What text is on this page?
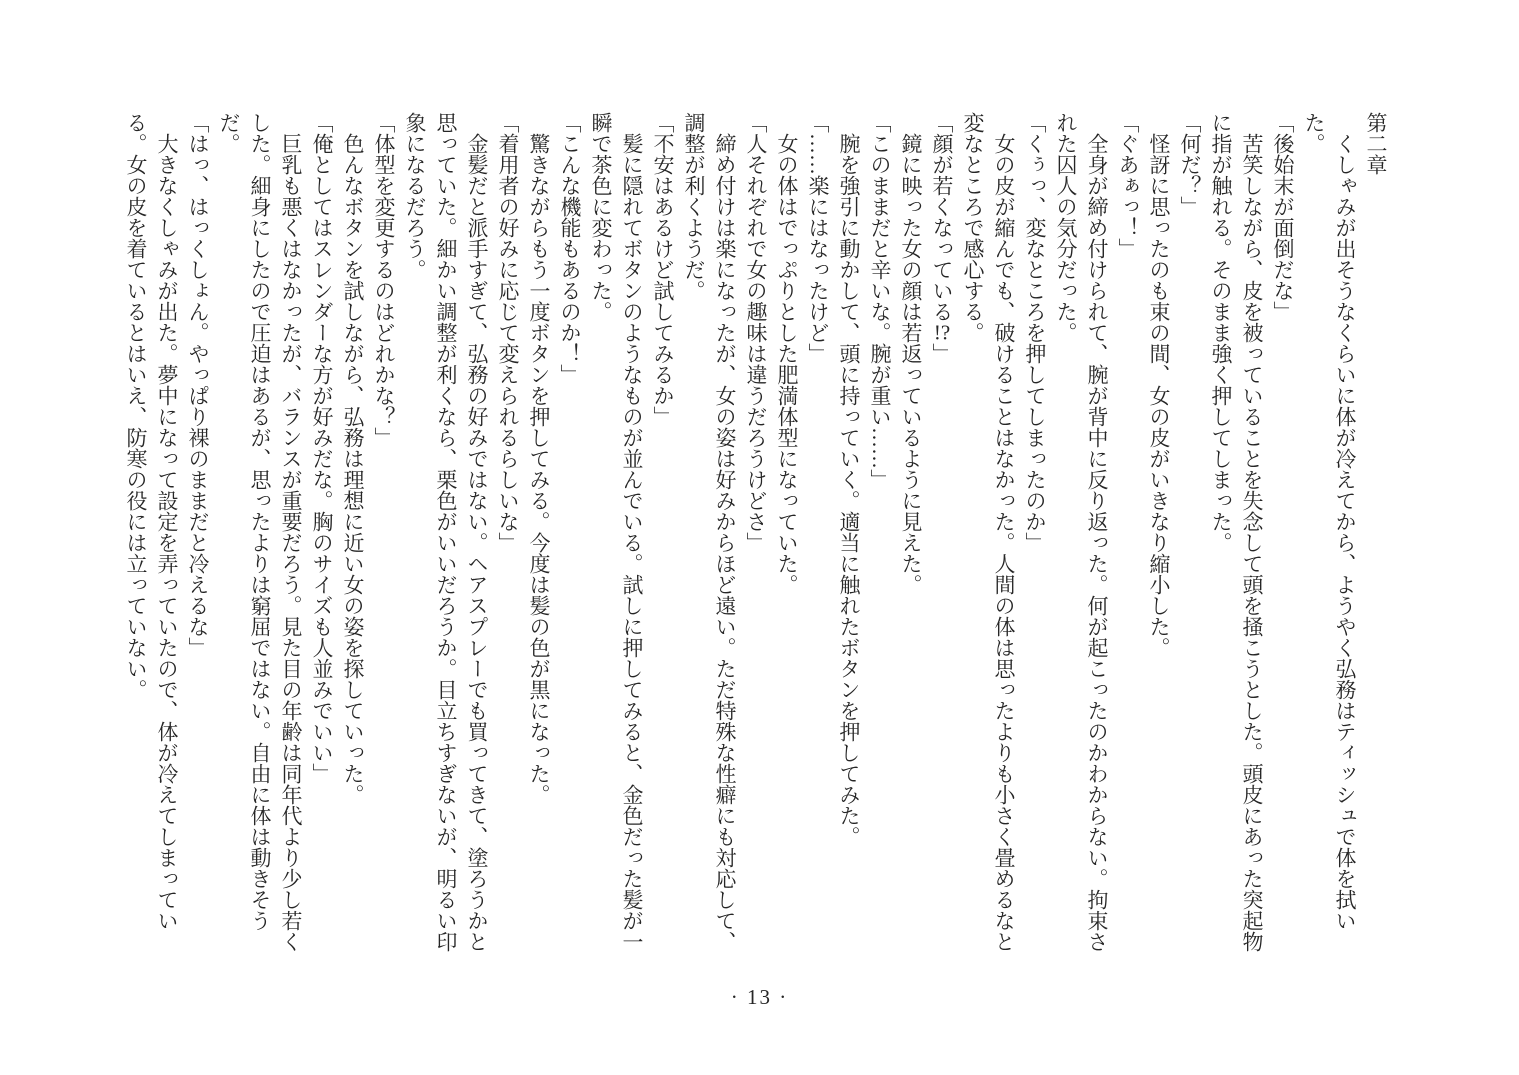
第二章

くしゃみが出そうなくらいに体が冷えてから、ようやく弘務はティッシュで体を拭いた。

「後始末が面倒だな」

苦笑しながら、皮を被っていることを失念して頭を掻こうとした。頭皮にあった突起物に指が触れる。そのまま強く押してしまった。

「何だ？」

怪訝に思ったのも束の間、女の皮がいきなり縮小した。

「ぐあぁっ！」

全身が締め付けられて、腕が背中に反り返った。何が起こったのかわからない。拘束された囚人の気分だった。

「くぅっ、変なところを押してしまったのか」

女の皮が縮んでも、破けることはなかった。人間の体は思ったよりも小さく畳めるなと変なところで感心する。

「顔が若くなっている!?」

鏡に映った女の顔は若返っているように見えた。

「このままだと辛いな。腕が重い……」

腕を強引に動かして、頭に持っていく。適当に触れたボタンを押してみた。

「……楽にはなったけど」

女の体はでっぷりとした肥満体型になっていた。

「人それぞれで女の趣味は違うだろうけどさ」

締め付けは楽になったが、女の姿は好みからほど遠い。ただ特殊な性癖にも対応して、調整が利くようだ。

「不安はあるけど試してみるか」

髪に隠れてボタンのようなものが並んでいる。試しに押してみると、金色だった髪が一瞬で茶色に変わった。

「こんな機能もあるのか！」

驚きながらもう一度ボタンを押してみる。今度は髪の色が黒になった。

「着用者の好みに応じて変えられるらしいな」

金髪だと派手すぎて、弘務の好みではない。ヘアスプレーでも買ってきて、塗ろうかと思っていた。細かい調整が利くなら、栗色がいいだろうか。目立ちすぎないが、明るい印象になるだろう。

「体型を変更するのはどれかな？」

色んなボタンを試しながら、弘務は理想に近い女の姿を探していった。

「俺としてはスレンダーな方が好みだな。胸のサイズも人並みでいい」

巨乳も悪くはなかったが、バランスが重要だろう。見た目の年齢は同年代より少し若くした。細身にしたので圧迫はあるが、思ったよりは窮屈ではない。自由に体は動きそうだ。

「はっ、はっくしょん。やっぱり裸のままだと冷えるな」

大きなくしゃみが出た。夢中になって設定を弄っていたので、体が冷えてしまっている。女の皮を着ているとはいえ、防寒の役には立っていない。

· 13 ·
